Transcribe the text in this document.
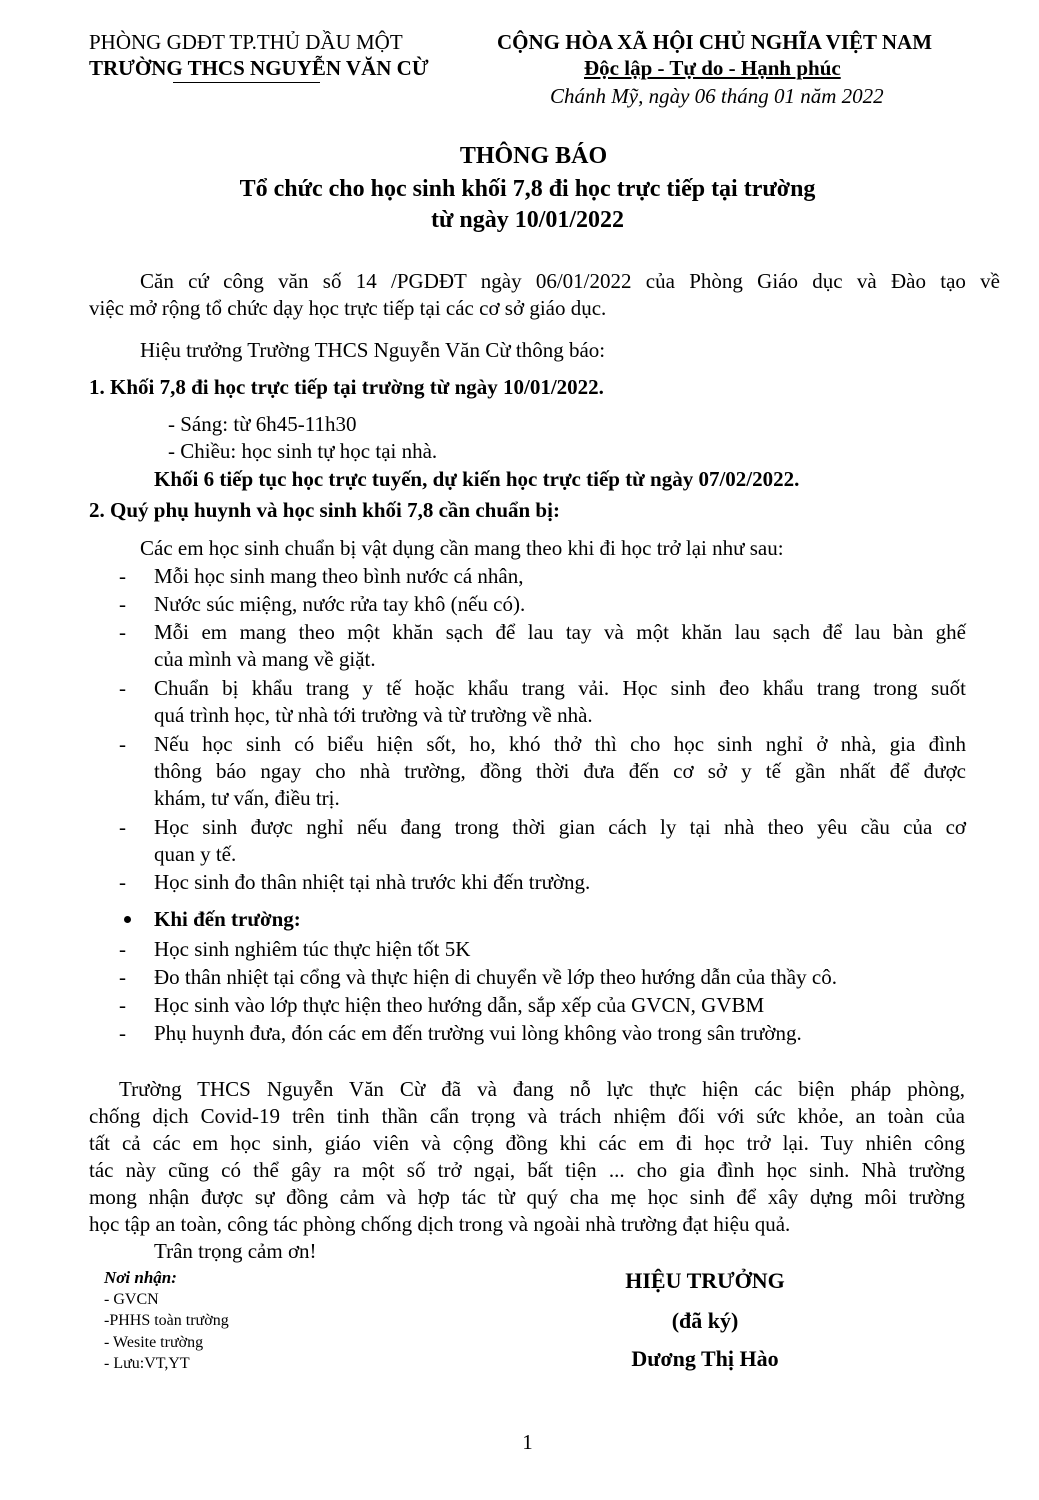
PHÒNG GDĐT TP.THỦ DẦU MỘT
TRƯỜNG THCS NGUYỄN VĂN CỪ
CỘNG HÒA XÃ HỘI CHỦ NGHĨA VIỆT NAM
Độc lập - Tự do - Hạnh phúc
Chánh Mỹ, ngày 06 tháng 01 năm 2022
THÔNG BÁO
Tổ chức cho học sinh khối 7,8 đi học trực tiếp tại trường
từ ngày 10/01/2022
Căn cứ công văn số 14 /PGDĐT ngày 06/01/2022 của Phòng Giáo dục và Đào tạo về
việc mở rộng tổ chức dạy học trực tiếp tại các cơ sở giáo dục.
Hiệu trưởng Trường THCS Nguyễn Văn Cừ thông báo:
1. Khối 7,8 đi học trực tiếp tại trường từ ngày 10/01/2022.
- Sáng: từ 6h45-11h30
- Chiều: học sinh tự học tại nhà.
Khối 6 tiếp tục học trực tuyến, dự kiến học trực tiếp từ ngày 07/02/2022.
2. Quý phụ huynh và học sinh khối 7,8 cần chuẩn bị:
Các em học sinh chuẩn bị vật dụng cần mang theo khi đi học trở lại như sau:
- Mỗi học sinh mang theo bình nước cá nhân,
- Nước súc miệng, nước rửa tay khô (nếu có).
- Mỗi em mang theo một khăn sạch để lau tay và một khăn lau sạch để lau bàn ghế
của mình và mang về giặt.
- Chuẩn bị khẩu trang y tế hoặc khẩu trang vải. Học sinh đeo khẩu trang trong suốt
quá trình học, từ nhà tới trường và từ trường về nhà.
- Nếu học sinh có biểu hiện sốt, ho, khó thở thì cho học sinh nghỉ ở nhà, gia đình
thông báo ngay cho nhà trường, đồng thời đưa đến cơ sở y tế gần nhất để được
khám, tư vấn, điều trị.
- Học sinh được nghỉ nếu đang trong thời gian cách ly tại nhà theo yêu cầu của cơ
quan y tế.
- Học sinh đo thân nhiệt tại nhà trước khi đến trường.
Khi đến trường:
- Học sinh nghiêm túc thực hiện tốt 5K
- Đo thân nhiệt tại cổng và thực hiện di chuyển về lớp theo hướng dẫn của thầy cô.
- Học sinh vào lớp thực hiện theo hướng dẫn, sắp xếp của GVCN, GVBM
- Phụ huynh đưa, đón các em đến trường vui lòng không vào trong sân trường.
Trường THCS Nguyễn Văn Cừ đã và đang nỗ lực thực hiện các biện pháp phòng,
chống dịch Covid-19 trên tinh thần cẩn trọng và trách nhiệm đối với sức khỏe, an toàn của
tất cả các em học sinh, giáo viên và cộng đồng khi các em đi học trở lại. Tuy nhiên công
tác này cũng có thể gây ra một số trở ngại, bất tiện ... cho gia đình học sinh. Nhà trường
mong nhận được sự đồng cảm và hợp tác từ quý cha mẹ học sinh để xây dựng môi trường
học tập an toàn, công tác phòng chống dịch trong và ngoài nhà trường đạt hiệu quả.
Trân trọng cảm ơn!
Nơi nhận:
- GVCN
-PHHS toàn trường
- Wesite trường
- Lưu:VT,YT
HIỆU TRƯỞNG
(đã ký)
Dương Thị Hào
1
